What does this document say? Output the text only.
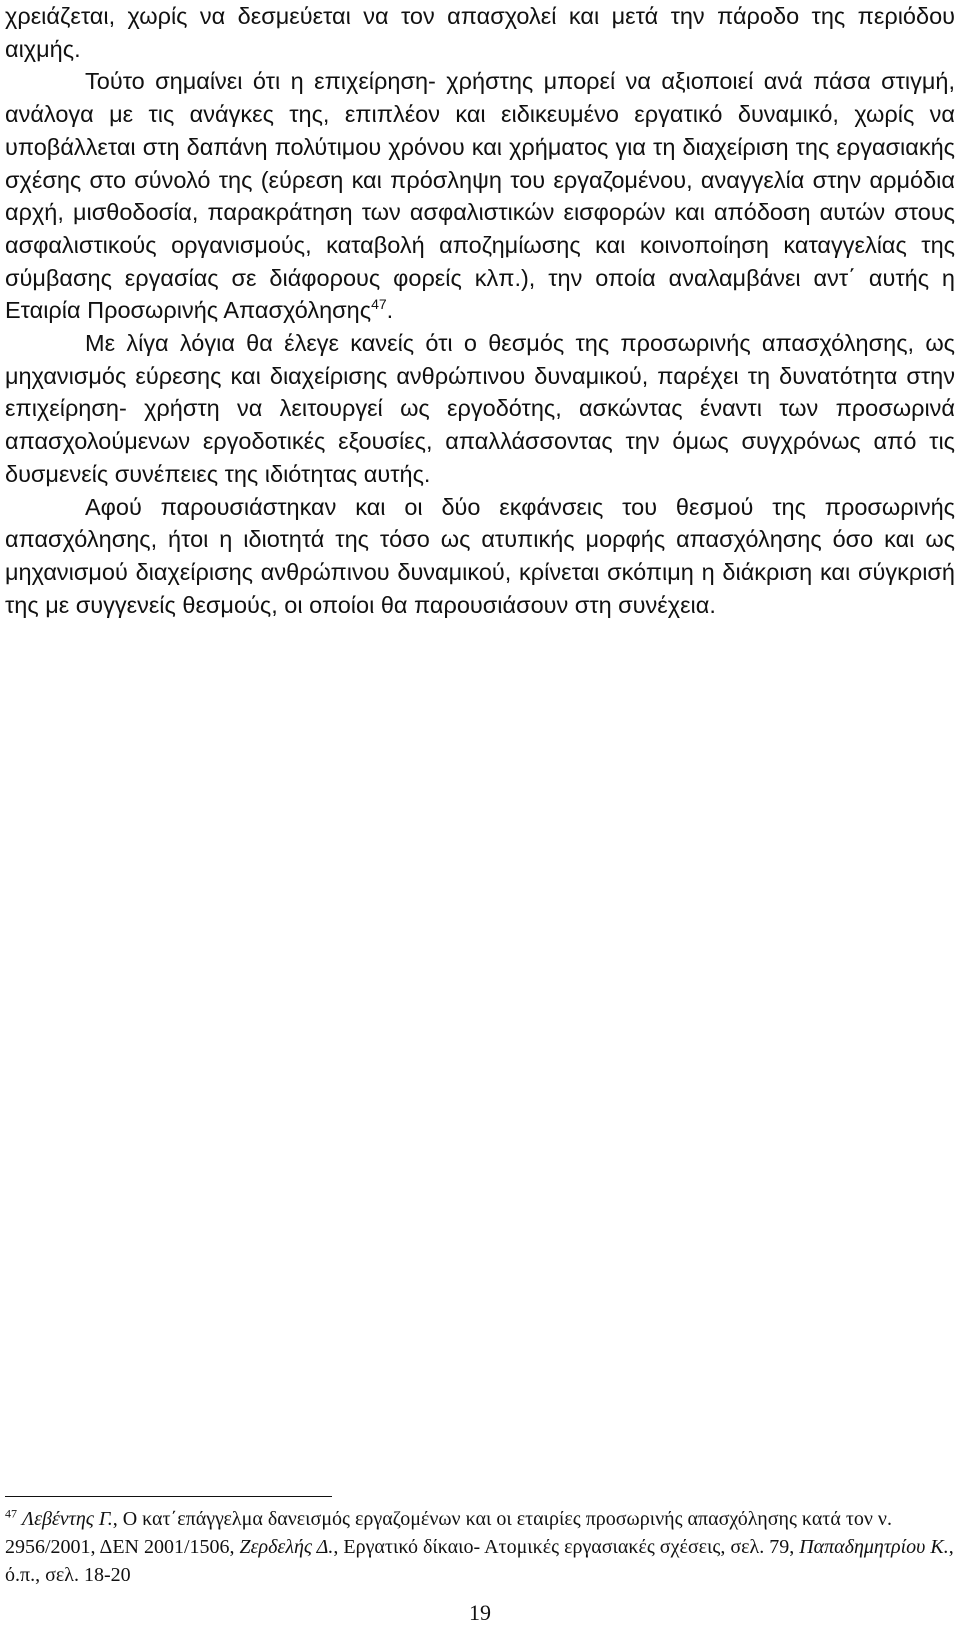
χρειάζεται, χωρίς να δεσμεύεται να τον απασχολεί και μετά την πάροδο της περιόδου αιχμής.

Τούτο σημαίνει ότι η επιχείρηση- χρήστης μπορεί να αξιοποιεί ανά πάσα στιγμή, ανάλογα με τις ανάγκες της, επιπλέον και ειδικευμένο εργατικό δυναμικό, χωρίς να υποβάλλεται στη δαπάνη πολύτιμου χρόνου και χρήματος για τη διαχείριση της εργασιακής σχέσης στο σύνολό της (εύρεση και πρόσληψη του εργαζομένου, αναγγελία στην αρμόδια αρχή, μισθοδοσία, παρακράτηση των ασφαλιστικών εισφορών και απόδοση αυτών στους ασφαλιστικούς οργανισμούς, καταβολή αποζημίωσης και κοινοποίηση καταγγελίας της σύμβασης εργασίας σε διάφορους φορείς κλπ.), την οποία αναλαμβάνει αντ΄ αυτής η Εταιρία Προσωρινής Απασχόλησης$^{47}$.

Με λίγα λόγια θα έλεγε κανείς ότι ο θεσμός της προσωρινής απασχόλησης, ως μηχανισμός εύρεσης και διαχείρισης ανθρώπινου δυναμικού, παρέχει τη δυνατότητα στην επιχείρηση- χρήστη να λειτουργεί ως εργοδότης, ασκώντας έναντι των προσωρινά απασχολούμενων εργοδοτικές εξουσίες, απαλλάσσοντας την όμως συγχρόνως από τις δυσμενείς συνέπειες της ιδιότητας αυτής.

Αφού παρουσιάστηκαν και οι δύο εκφάνσεις του θεσμού της προσωρινής απασχόλησης, ήτοι η ιδιοτητά της τόσο ως ατυπικής μορφής απασχόλησης όσο και ως μηχανισμού διαχείρισης ανθρώπινου δυναμικού, κρίνεται σκόπιμη η διάκριση και σύγκρισή της με συγγενείς θεσμούς, οι οποίοι θα παρουσιάσουν στη συνέχεια.

$^{47}$ Λεβέντης Γ., Ο κατ΄επάγγελμα δανεισμός εργαζομένων και οι εταιρίες προσωρινής απασχόλησης κατά τον ν. 2956/2001, ΔΕΝ 2001/1506, Ζερδελής Δ., Εργατικό δίκαιο- Ατομικές εργασιακές σχέσεις, σελ. 79, Παπαδημητρίου Κ., ό.π., σελ. 18-20
19
